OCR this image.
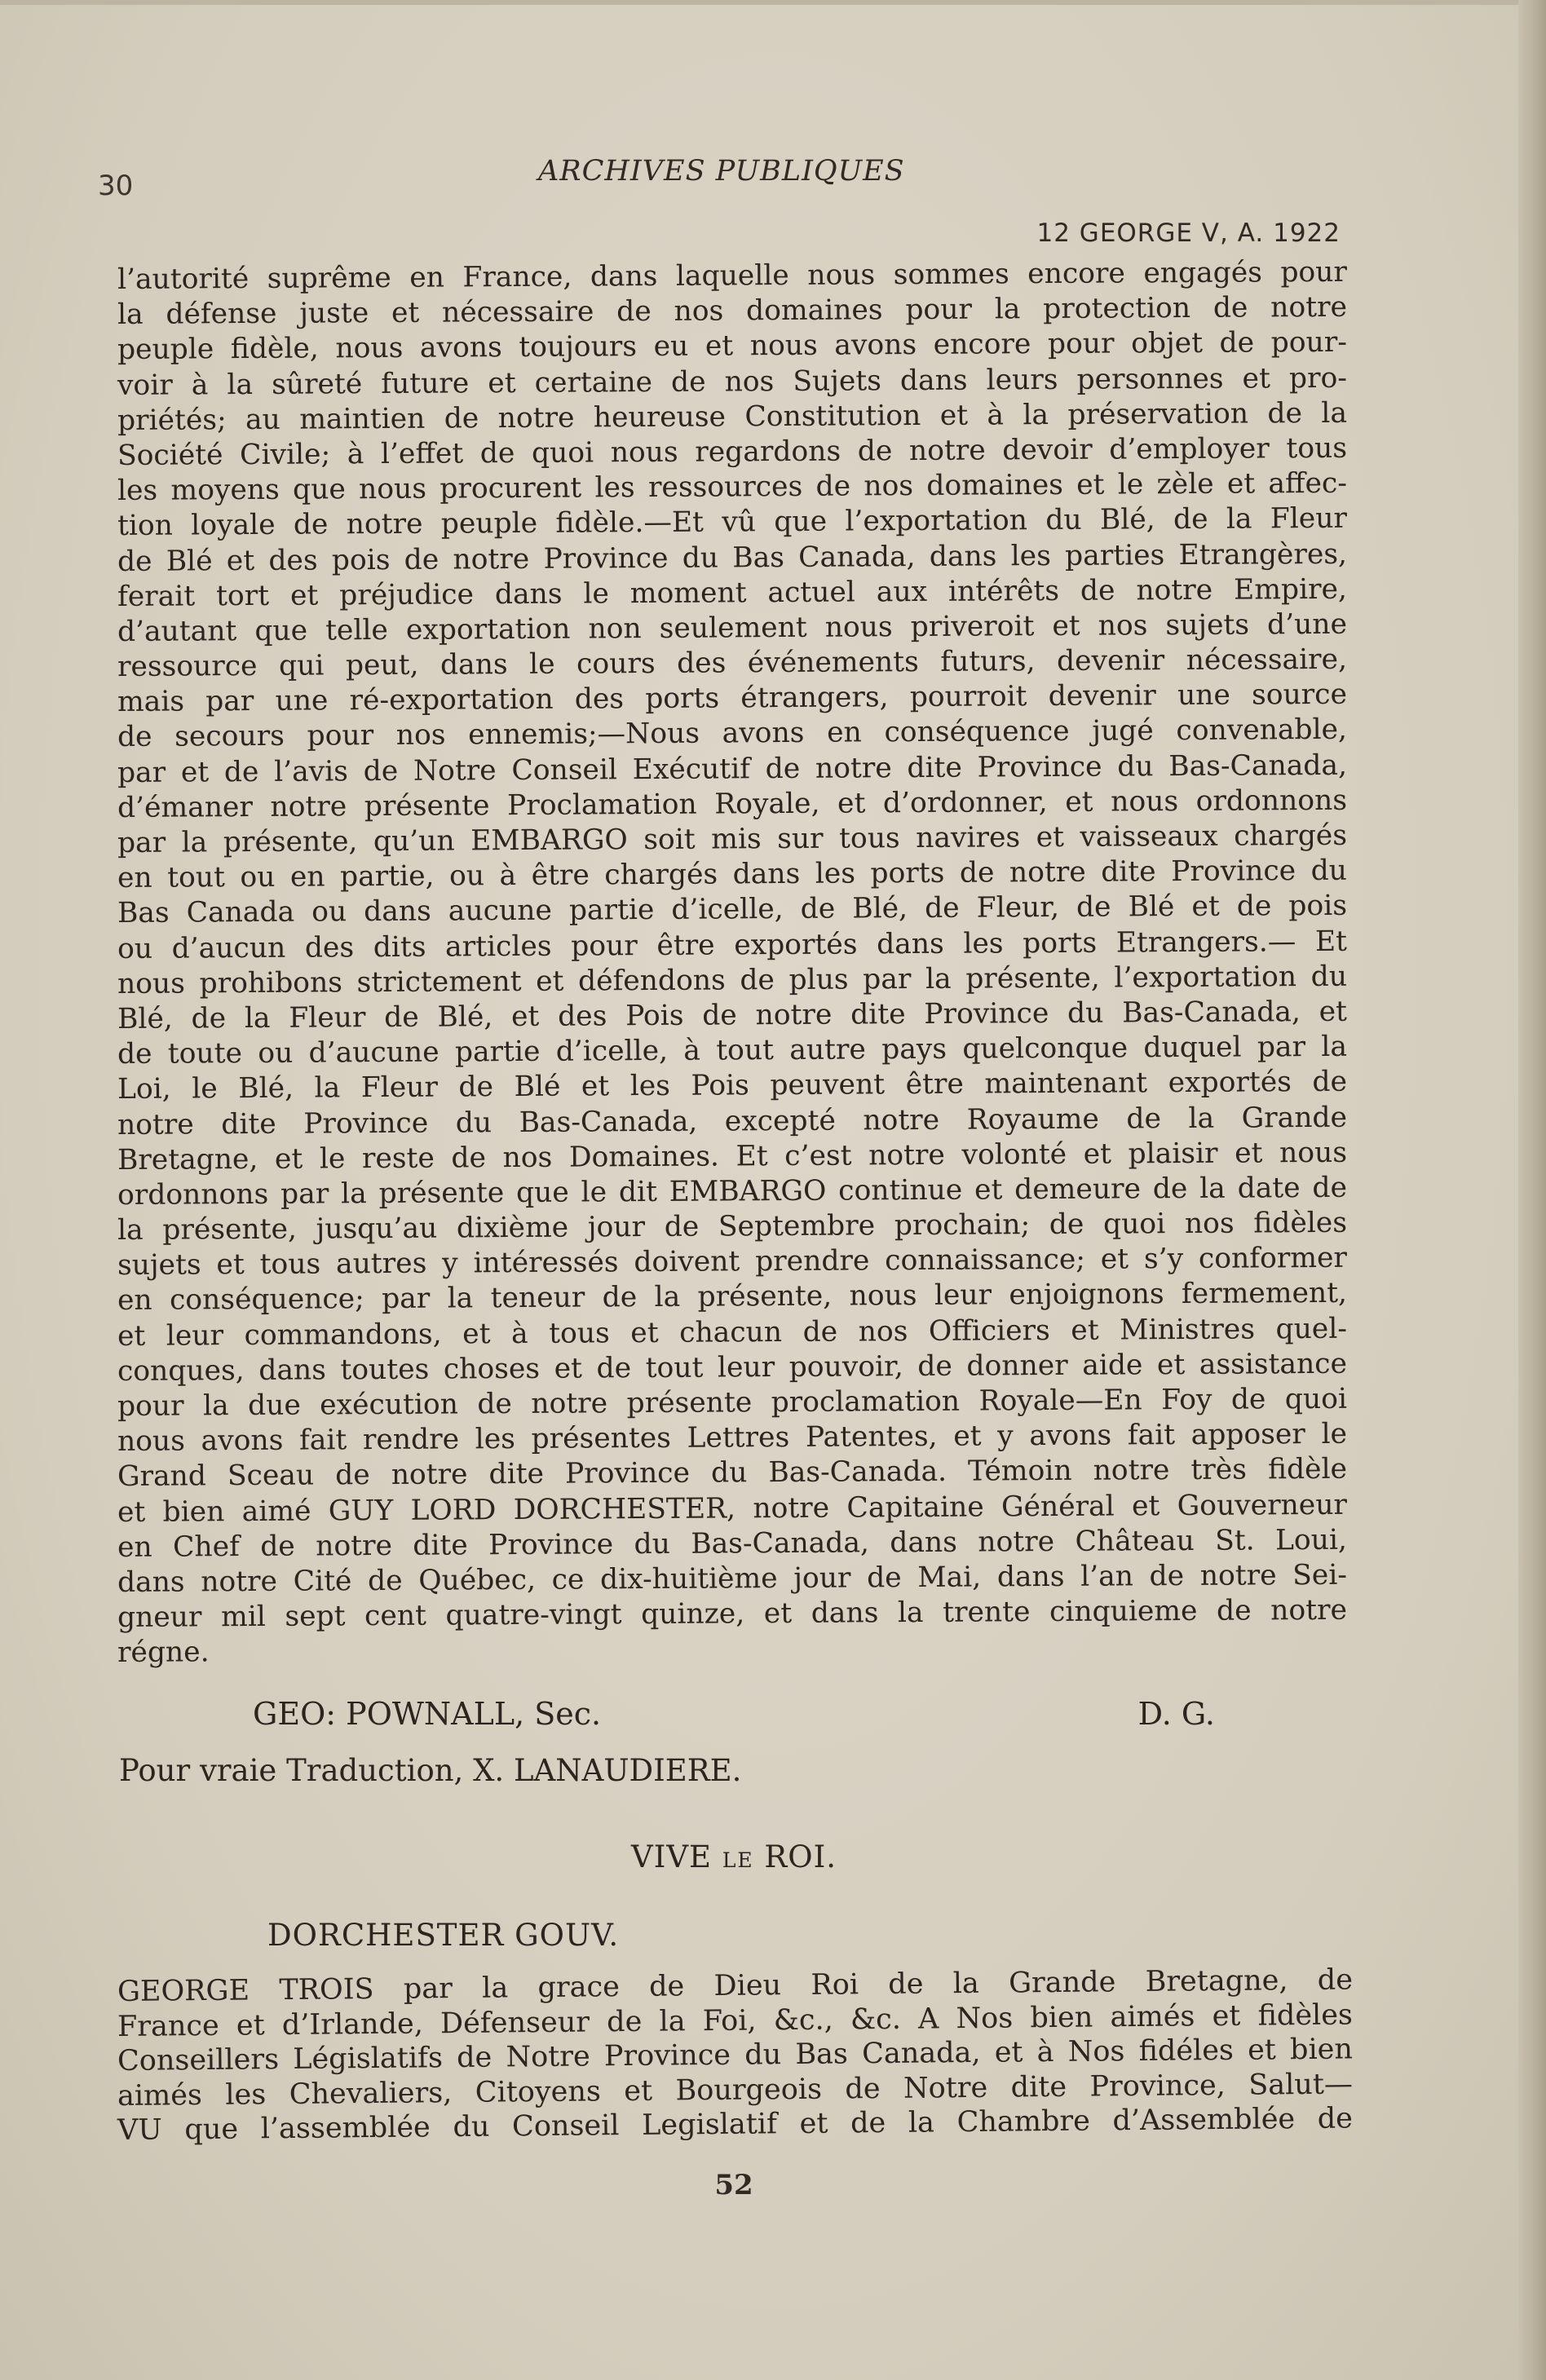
30	ARCHIVES PUBLIQUES
12 GEORGE V, A. 1922
l’autorité suprême en France, dans laquelle nous sommes encore engagés pour
la défense juste et nécessaire de nos domaines pour la protection de notre
peuple fidèle, nous avons toujours eu et nous avons encore pour objet de pour-
voir à la sûreté future et certaine de nos Sujets dans leurs personnes et pro-
priétés; au maintien de notre heureuse Constitution et à la préservation de la
Société Civile; à l’effet de quoi nous regardons de notre devoir d’employer tous
les moyens que nous procurent les ressources de nos domaines et le zèle et affec-
tion loyale de notre peuple fidèle.—Et vû que l’exportation du Blé, de la Fleur
de Blé et des pois de notre Province du Bas Canada, dans les parties Etrangères,
ferait tort et préjudice dans le moment actuel aux intérêts de notre Empire,
d’autant que telle exportation non seulement nous priveroit et nos sujets d’une
ressource qui peut, dans le cours des événements futurs, devenir nécessaire,
mais par une ré-exportation des ports étrangers, pourroit devenir une source
de secours pour nos ennemis;—Nous avons en conséquence jugé convenable,
par et de l’avis de Notre Conseil Exécutif de notre dite Province du Bas-Canada,
d’émaner notre présente Proclamation Royale, et d’ordonner, et nous ordonnons
par la présente, qu’un EMBARGO soit mis sur tous navires et vaisseaux chargés
en tout ou en partie, ou à être chargés dans les ports de notre dite Province du
Bas Canada ou dans aucune partie d’icelle, de Blé, de Fleur, de Blé et de pois
ou d’aucun des dits articles pour être exportés dans les ports Etrangers.— Et
nous prohibons strictement et défendons de plus par la présente, l’exportation du
Blé, de la Fleur de Blé, et des Pois de notre dite Province du Bas-Canada, et
de toute ou d’aucune partie d’icelle, à tout autre pays quelconque duquel par la
Loi, le Blé, la Fleur de Blé et les Pois peuvent être maintenant exportés de
notre dite Province du Bas-Canada, excepté notre Royaume de la Grande
Bretagne, et le reste de nos Domaines. Et c’est notre volonté et plaisir et nous
ordonnons par la présente que le dit EMBARGO continue et demeure de la date de
la présente, jusqu’au dixième jour de Septembre prochain; de quoi nos fidèles
sujets et tous autres y intéressés doivent prendre connaissance; et s’y conformer
en conséquence; par la teneur de la présente, nous leur enjoignons fermement,
et leur commandons, et à tous et chacun de nos Officiers et Ministres quel-
conques, dans toutes choses et de tout leur pouvoir, de donner aide et assistance
pour la due exécution de notre présente proclamation Royale—En Foy de quoi
nous avons fait rendre les présentes Lettres Patentes, et y avons fait apposer le
Grand Sceau de notre dite Province du Bas-Canada. Témoin notre très fidèle
et bien aimé GUY LORD DORCHESTER, notre Capitaine Général et Gouverneur
en Chef de notre dite Province du Bas-Canada, dans notre Château St. Loui,
dans notre Cité de Québec, ce dix-huitième jour de Mai, dans l’an de notre Sei-
gneur mil sept cent quatre-vingt quinze, et dans la trente cinquieme de notre
régne.
GEO: POWNALL, Sec.	D. G.
Pour vraie Traduction, X. LANAUDIERE.
VIVE LE ROI.
DORCHESTER GOUV.
GEORGE TROIS par la grace de Dieu Roi de la Grande Bretagne, de
France et d’Irlande, Défenseur de la Foi, &c., &c. A Nos bien aimés et fidèles
Conseillers Législatifs de Notre Province du Bas Canada, et à Nos fidéles et bien
aimés les Chevaliers, Citoyens et Bourgeois de Notre dite Province, Salut—
VU que l’assemblée du Conseil Legislatif et de la Chambre d’Assemblée de
52
